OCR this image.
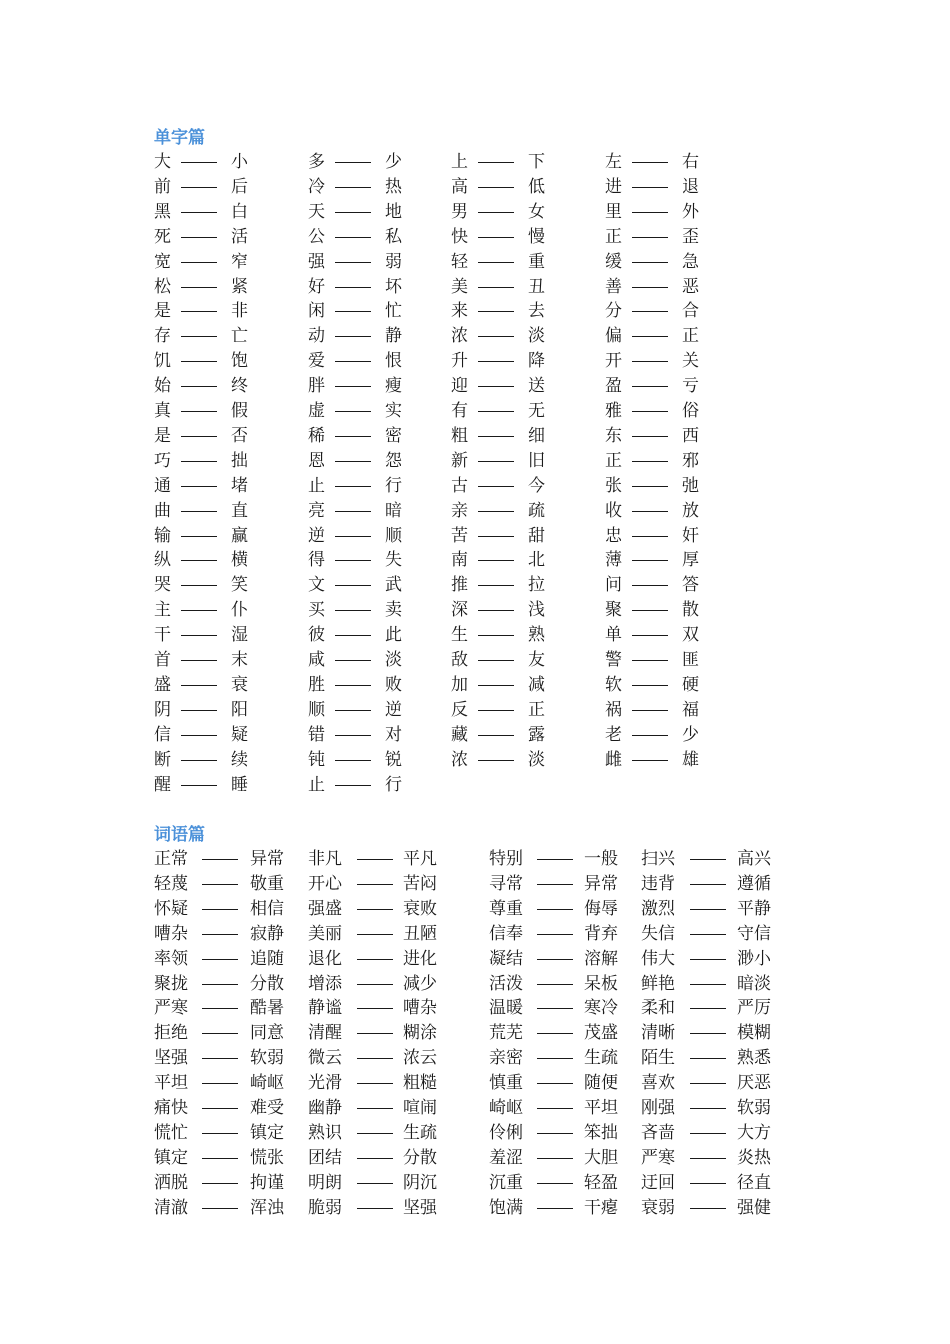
单字篇
大	小	多	少	上	下	左	右
前	后	冷	热	高	低	进	退
黑	白	天	地	男	女	里	外
死	活	公	私	快	慢	正	歪
宽	窄	强	弱	轻	重	缓	急
松	紧	好	坏	美	丑	善	恶
是	非	闲	忙	来	去	分	合
存	亡	动	静	浓	淡	偏	正
饥	饱	爱	恨	升	降	开	关
始	终	胖	瘦	迎	送	盈	亏
真	假	虚	实	有	无	雅	俗
是	否	稀	密	粗	细	东	西
巧	拙	恩	怨	新	旧	正	邪
通	堵	止	行	古	今	张	弛
曲	直	亮	暗	亲	疏	收	放
输	赢	逆	顺	苦	甜	忠	奸
纵	横	得	失	南	北	薄	厚
哭	笑	文	武	推	拉	问	答
主	仆	买	卖	深	浅	聚	散
干	湿	彼	此	生	熟	单	双
首	末	咸	淡	敌	友	警	匪
盛	衰	胜	败	加	减	软	硬
阴	阳	顺	逆	反	正	祸	福
信	疑	错	对	藏	露	老	少
断	续	钝	锐	浓	淡	雌	雄
醒	睡	止	行
词语篇
正常	异常 非凡	平凡	特别	一般 扫兴	高兴
轻蔑	敬重 开心	苦闷	寻常	异常 违背	遵循
怀疑	相信 强盛	衰败	尊重	侮辱 激烈	平静
嘈杂	寂静 美丽	丑陋	信奉	背弃 失信	守信
率领	追随 退化	进化	凝结	溶解 伟大	渺小
聚拢	分散 增添	减少	活泼	呆板 鲜艳	暗淡
严寒	酷暑 静谧	嘈杂	温暖	寒冷 柔和	严厉
拒绝	同意 清醒	糊涂	荒芜	茂盛 清晰	模糊
坚强	软弱 微云	浓云	亲密	生疏 陌生	熟悉
平坦	崎岖 光滑	粗糙	慎重	随便 喜欢	厌恶
痛快	难受 幽静	喧闹	崎岖	平坦 刚强	软弱
慌忙	镇定 熟识	生疏	伶俐	笨拙 吝啬	大方
镇定	慌张 团结	分散	羞涩	大胆 严寒	炎热
洒脱	拘谨 明朗	阴沉	沉重	轻盈 迂回	径直
清澈	浑浊 脆弱	坚强	饱满	干瘪 衰弱	强健
